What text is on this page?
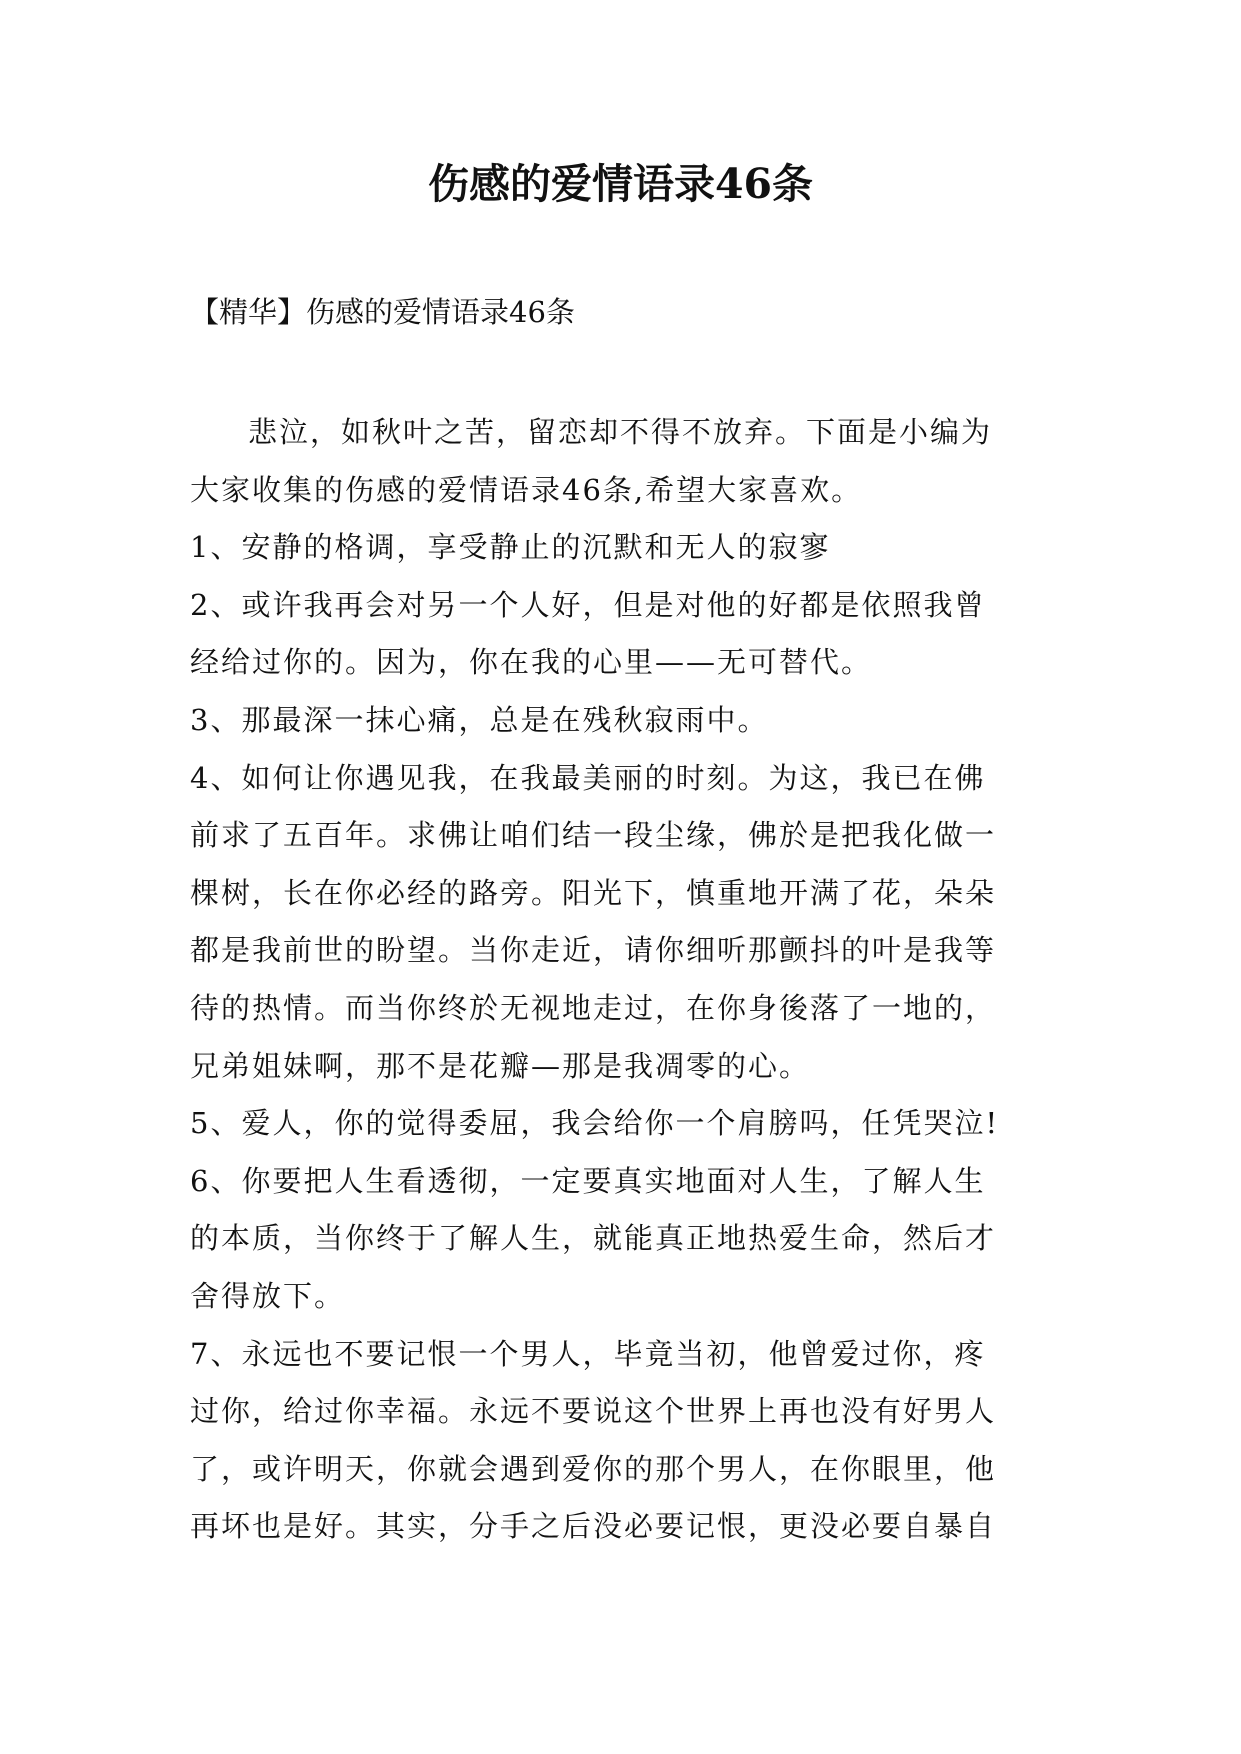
伤感的爱情语录46条

【精华】伤感的爱情语录46条

悲泣，如秋叶之苦，留恋却不得不放弃。下面是小编为
大家收集的伤感的爱情语录46条,希望大家喜欢。
1、安静的格调，享受静止的沉默和无人的寂寥
2、或许我再会对另一个人好，但是对他的好都是依照我曾
经给过你的。因为，你在我的心里——无可替代。
3、那最深一抹心痛，总是在残秋寂雨中。
4、如何让你遇见我，在我最美丽的时刻。为这，我已在佛
前求了五百年。求佛让咱们结一段尘缘，佛於是把我化做一
棵树，长在你必经的路旁。阳光下，慎重地开满了花，朵朵
都是我前世的盼望。当你走近，请你细听那颤抖的叶是我等
待的热情。而当你终於无视地走过，在你身後落了一地的，
兄弟姐妹啊，那不是花瓣—那是我凋零的心。
5、爱人，你的觉得委屈，我会给你一个肩膀吗，任凭哭泣!
6、你要把人生看透彻，一定要真实地面对人生，了解人生
的本质，当你终于了解人生，就能真正地热爱生命，然后才
舍得放下。
7、永远也不要记恨一个男人，毕竟当初，他曾爱过你，疼
过你，给过你幸福。永远不要说这个世界上再也没有好男人
了，或许明天，你就会遇到爱你的那个男人，在你眼里，他
再坏也是好。其实，分手之后没必要记恨，更没必要自暴自
